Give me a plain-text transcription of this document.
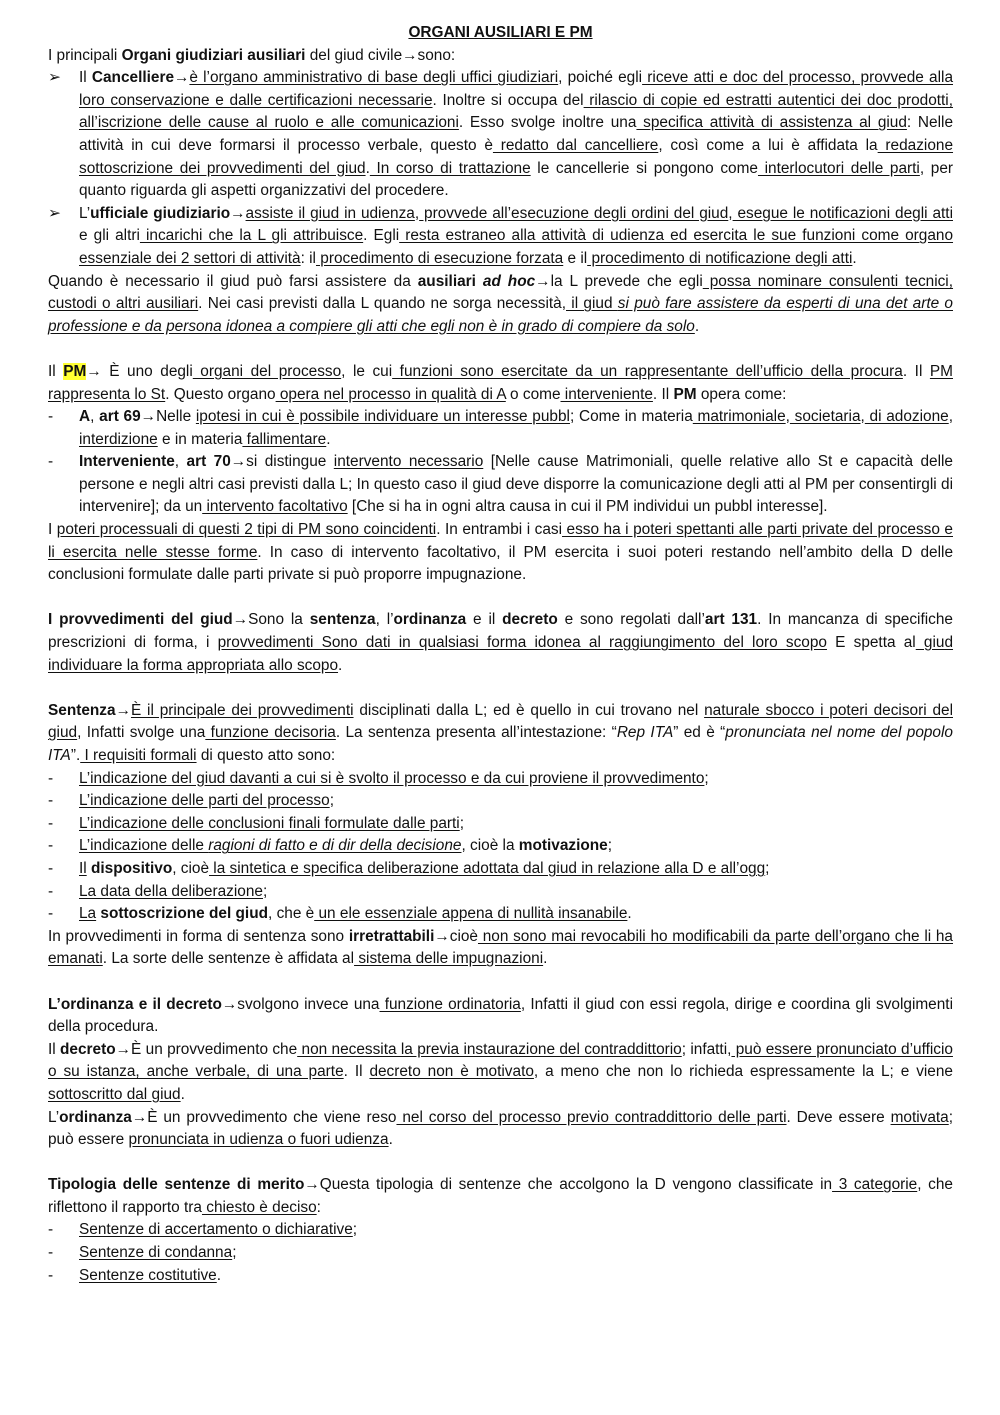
ORGANI AUSILIARI E PM

I principali Organi giudiziari ausiliari del giud civile→sono:

➢ Il Cancelliere→è l’organo amministrativo di base degli uffici giudiziari, poiché egli riceve atti e doc del processo, provvede alla loro conservazione e dalle certificazioni necessarie. Inoltre si occupa del rilascio di copie ed estratti autentici dei doc prodotti, all’iscrizione delle cause al ruolo e alle comunicazioni. Esso svolge inoltre una specifica attività di assistenza al giud: Nelle attività in cui deve formarsi il processo verbale, questo è redatto dal cancelliere, così come a lui è affidata la redazione sottoscrizione dei provvedimenti del giud. In corso di trattazione le cancellerie si pongono come interlocutori delle parti, per quanto riguarda gli aspetti organizzativi del procedere.
➢ L’ufficiale giudiziario→assiste il giud in udienza, provvede all’esecuzione degli ordini del giud, esegue le notificazioni degli atti e gli altri incarichi che la L gli attribuisce. Egli resta estraneo alla attività di udienza ed esercita le sue funzioni come organo essenziale dei 2 settori di attività: il procedimento di esecuzione forzata e il procedimento di notificazione degli atti.

Quando è necessario il giud può farsi assistere da ausiliari ad hoc→la L prevede che egli possa nominare consulenti tecnici, custodi o altri ausiliari. Nei casi previsti dalla L quando ne sorga necessità, il giud si può fare assistere da esperti di una det arte o professione e da persona idonea a compiere gli atti che egli non è in grado di compiere da solo.

Il PM→ È uno degli organi del processo, le cui funzioni sono esercitate da un rappresentante dell’ufficio della procura. Il PM rappresenta lo St. Questo organo opera nel processo in qualità di A o come interveniente. Il PM opera come:

- A, art 69→Nelle ipotesi in cui è possibile individuare un interesse pubbl; Come in materia matrimoniale, societaria, di adozione, interdizione e in materia fallimentare.
- Interveniente, art 70→si distingue intervento necessario [Nelle cause Matrimoniali, quelle relative allo St e capacità delle persone e negli altri casi previsti dalla L; In questo caso il giud deve disporre la comunicazione degli atti al PM per consentirgli di intervenire]; da un intervento facoltativo [Che si ha in ogni altra causa in cui il PM individui un pubbl interesse].

I poteri processuali di questi 2 tipi di PM sono coincidenti. In entrambi i casi esso ha i poteri spettanti alle parti private del processo e li esercita nelle stesse forme. In caso di intervento facoltativo, il PM esercita i suoi poteri restando nell’ambito della D delle conclusioni formulate dalle parti private si può proporre impugnazione.

I provvedimenti del giud→Sono la sentenza, l’ordinanza e il decreto e sono regolati dall’art 131. In mancanza di specifiche prescrizioni di forma, i provvedimenti Sono dati in qualsiasi forma idonea al raggiungimento del loro scopo E spetta al giud individuare la forma appropriata allo scopo.

Sentenza→È il principale dei provvedimenti disciplinati dalla L; ed è quello in cui trovano nel naturale sbocco i poteri decisori del giud, Infatti svolge una funzione decisoria. La sentenza presenta all’intestazione: “Rep ITA” ed è “pronunciata nel nome del popolo ITA”. I requisiti formali di questo atto sono:

- L’indicazione del giud davanti a cui si è svolto il processo e da cui proviene il provvedimento;
- L’indicazione delle parti del processo;
- L’indicazione delle conclusioni finali formulate dalle parti;
- L’indicazione delle ragioni di fatto e di dir della decisione, cioè la motivazione;
- Il dispositivo, cioè la sintetica e specifica deliberazione adottata dal giud in relazione alla D e all’ogg;
- La data della deliberazione;
- La sottoscrizione del giud, che è un ele essenziale appena di nullità insanabile.

In provvedimenti in forma di sentenza sono irretrattabili→cioè non sono mai revocabili ho modificabili da parte dell’organo che li ha emanati. La sorte delle sentenze è affidata al sistema delle impugnazioni.

L’ordinanza e il decreto→svolgono invece una funzione ordinatoria, Infatti il giud con essi regola, dirige e coordina gli svolgimenti della procedura.

Il decreto→È un provvedimento che non necessita la previa instaurazione del contraddittorio; infatti, può essere pronunciato d’ufficio o su istanza, anche verbale, di una parte. Il decreto non è motivato, a meno che non lo richieda espressamente la L; e viene sottoscritto dal giud.

L’ordinanza→È un provvedimento che viene reso nel corso del processo previo contraddittorio delle parti. Deve essere motivata; può essere pronunciata in udienza o fuori udienza.

Tipologia delle sentenze di merito→Questa tipologia di sentenze che accolgono la D vengono classificate in 3 categorie, che riflettono il rapporto tra chiesto è deciso:

- Sentenze di accertamento o dichiarative;
- Sentenze di condanna;
- Sentenze costitutive.
